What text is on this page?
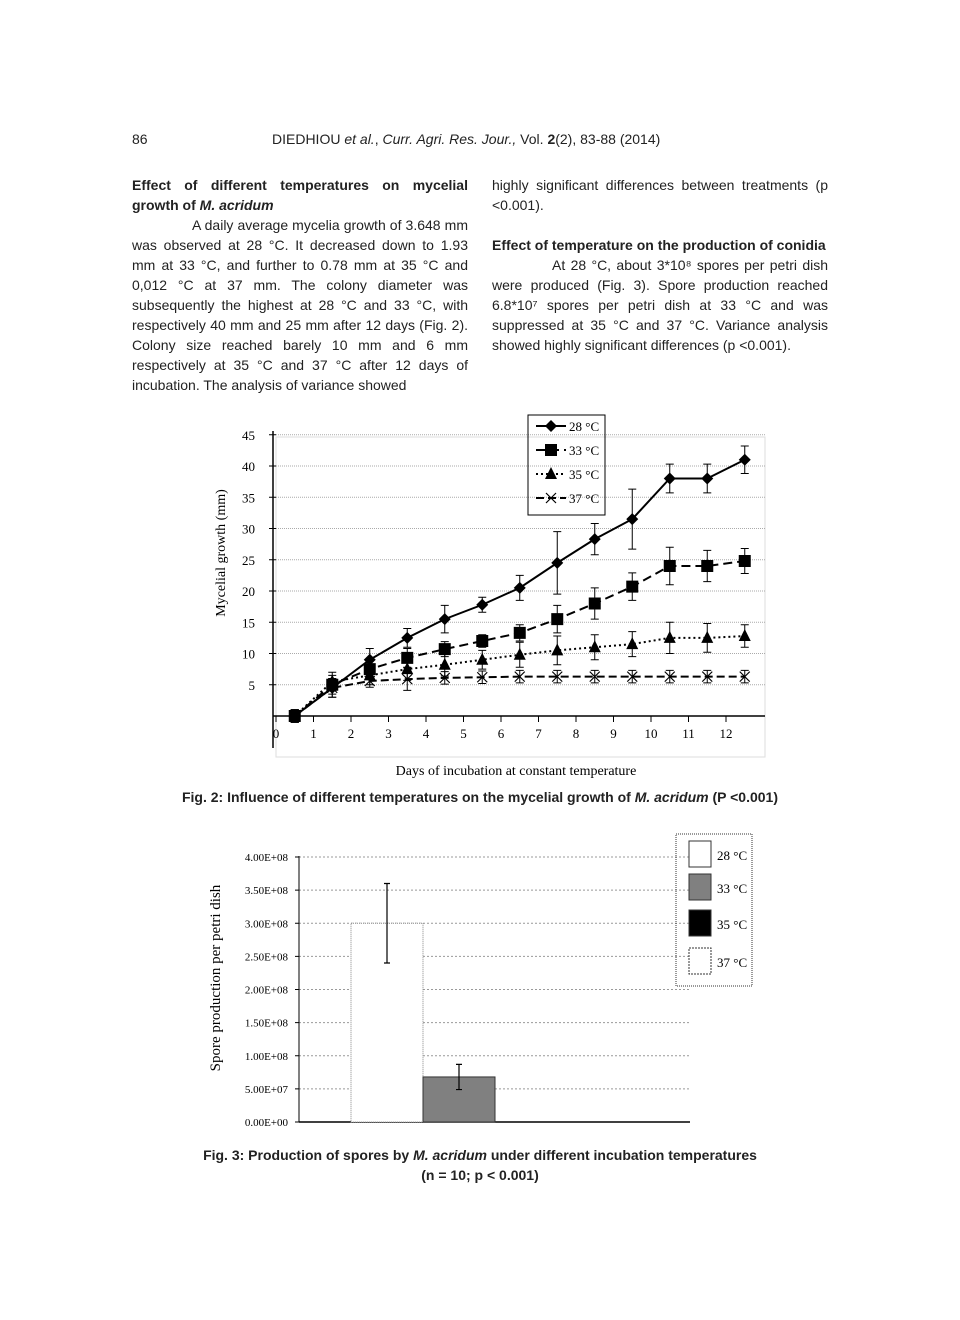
86	DIEDHIOU et al., Curr. Agri. Res. Jour., Vol. 2(2), 83-88 (2014)
Effect of different temperatures on mycelial growth of M. acridum

A daily average mycelia growth of 3.648 mm was observed at 28 °C. It decreased down to 1.93 mm at 33 °C, and further to 0.78 mm at 35 °C and 0,012 °C at 37 mm. The colony diameter was subsequently the highest at 28 °C and 33 °C, with respectively 40 mm and 25 mm after 12 days (Fig. 2). Colony size reached barely 10 mm and 6 mm respectively at 35 °C and 37 °C after 12 days of incubation. The analysis of variance showed

highly significant differences between treatments (p <0.001).

Effect of temperature on the production of conidia

At 28 °C, about 3*10⁸ spores per petri dish were produced (Fig. 3). Spore production reached 6.8*10⁷ spores per petri dish at 33 °C and was suppressed at 35 °C and 37 °C. Variance analysis showed highly significant differences (p <0.001).

5
10
15
20
25
30
35
40
45
0 1 2 3 4 5 6 7 8 9 10 11 12
Days of incubation at constant temperature
Mycelial growth (mm)
28 °C
33 °C
35 °C
37 °C
Fig. 2: Influence of different temperatures on the mycelial growth of M. acridum (P <0.001)
0.00E+00
5.00E+07
1.00E+08
1.50E+08
2.00E+08
2.50E+08
3.00E+08
3.50E+08
4.00E+08
Spore production per petri dish
28 °C
33 °C
35 °C
37 °C
Fig. 3: Production of spores by M. acridum under different incubation temperatures
(n = 10; p < 0.001)
